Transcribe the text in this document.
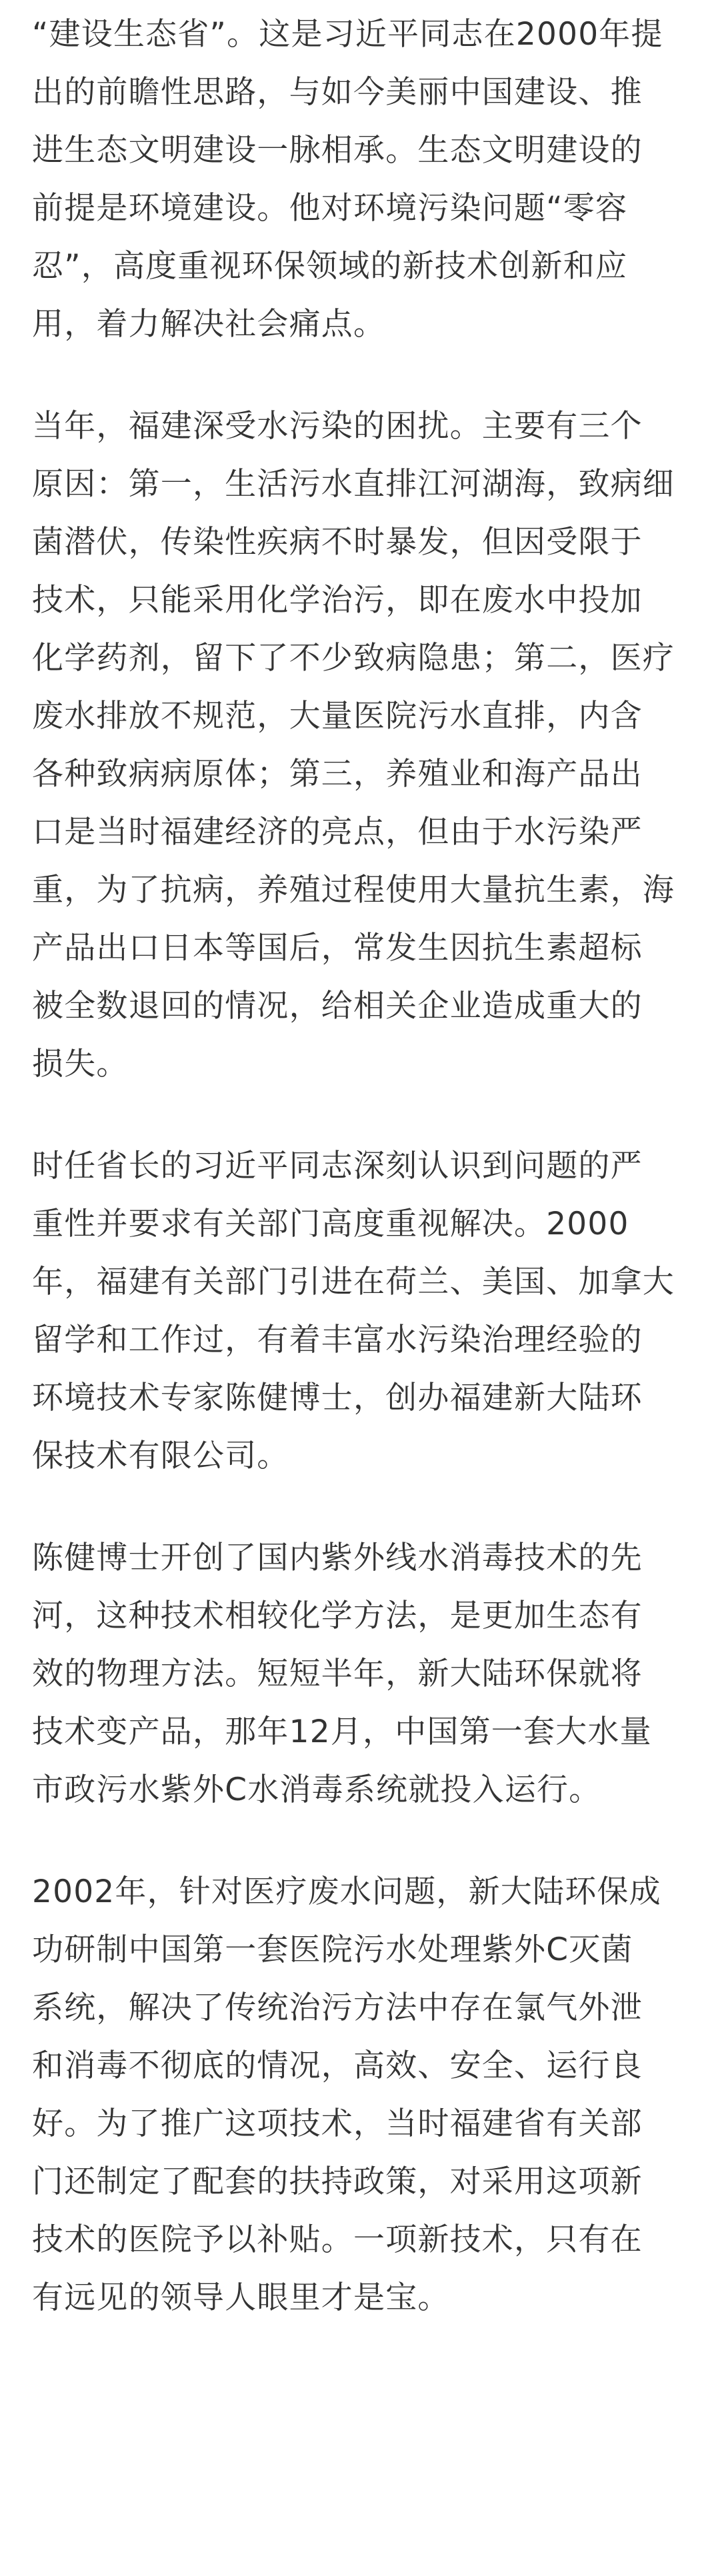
“建设生态省”。这是习近平同志在2000年提
出的前瞻性思路，与如今美丽中国建设、推
进生态文明建设一脉相承。生态文明建设的
前提是环境建设。他对环境污染问题“零容
忍”，高度重视环保领域的新技术创新和应
用，着力解决社会痛点。

当年，福建深受水污染的困扰。主要有三个
原因：第一，生活污水直排江河湖海，致病细
菌潜伏，传染性疾病不时暴发，但因受限于
技术，只能采用化学治污，即在废水中投加
化学药剂，留下了不少致病隐患；第二，医疗
废水排放不规范，大量医院污水直排，内含
各种致病病原体；第三，养殖业和海产品出
口是当时福建经济的亮点，但由于水污染严
重，为了抗病，养殖过程使用大量抗生素，海
产品出口日本等国后，常发生因抗生素超标
被全数退回的情况，给相关企业造成重大的
损失。

时任省长的习近平同志深刻认识到问题的严
重性并要求有关部门高度重视解决。2000
年，福建有关部门引进在荷兰、美国、加拿大
留学和工作过，有着丰富水污染治理经验的
环境技术专家陈健博士，创办福建新大陆环
保技术有限公司。

陈健博士开创了国内紫外线水消毒技术的先
河，这种技术相较化学方法，是更加生态有
效的物理方法。短短半年，新大陆环保就将
技术变产品，那年12月，中国第一套大水量
市政污水紫外C水消毒系统就投入运行。

2002年，针对医疗废水问题，新大陆环保成
功研制中国第一套医院污水处理紫外C灭菌
系统，解决了传统治污方法中存在氯气外泄
和消毒不彻底的情况，高效、安全、运行良
好。为了推广这项技术，当时福建省有关部
门还制定了配套的扶持政策，对采用这项新
技术的医院予以补贴。一项新技术，只有在
有远见的领导人眼里才是宝。
